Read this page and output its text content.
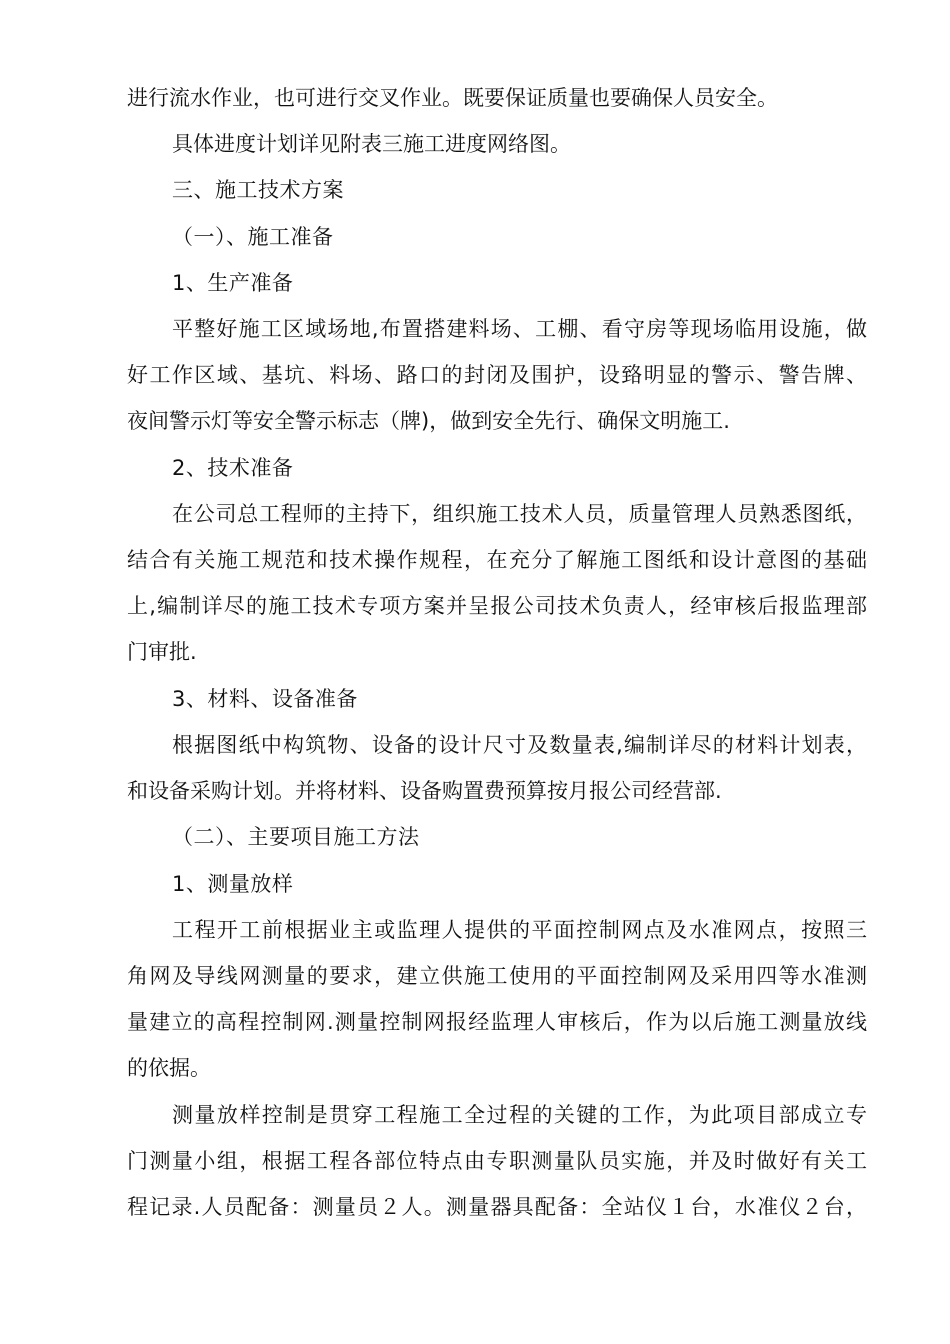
进行流水作业，也可进行交叉作业。既要保证质量也要确保人员安全。
具体进度计划详见附表三施工进度网络图。
三、施工技术方案
（一）、施工准备
1、生产准备
平整好施工区域场地,布置搭建料场、工棚、看守房等现场临用设施，做
好工作区域、基坑、料场、路口的封闭及围护，设臵明显的警示、警告牌、
夜间警示灯等安全警示标志（牌)，做到安全先行、确保文明施工.
2、技术准备
在公司总工程师的主持下，组织施工技术人员，质量管理人员熟悉图纸，
结合有关施工规范和技术操作规程，在充分了解施工图纸和设计意图的基础
上,编制详尽的施工技术专项方案并呈报公司技术负责人，经审核后报监理部
门审批.
3、材料、设备准备
根据图纸中构筑物、设备的设计尺寸及数量表,编制详尽的材料计划表，
和设备采购计划。并将材料、设备购置费预算按月报公司经营部.
（二）、主要项目施工方法
1、测量放样
工程开工前根据业主或监理人提供的平面控制网点及水准网点，按照三
角网及导线网测量的要求，建立供施工使用的平面控制网及采用四等水准测
量建立的高程控制网.测量控制网报经监理人审核后，作为以后施工测量放线
的依据。
测量放样控制是贯穿工程施工全过程的关键的工作，为此项目部成立专
门测量小组，根据工程各部位特点由专职测量队员实施，并及时做好有关工
程记录.人员配备：测量员２人。测量器具配备：全站仪１台，水准仪２台，
